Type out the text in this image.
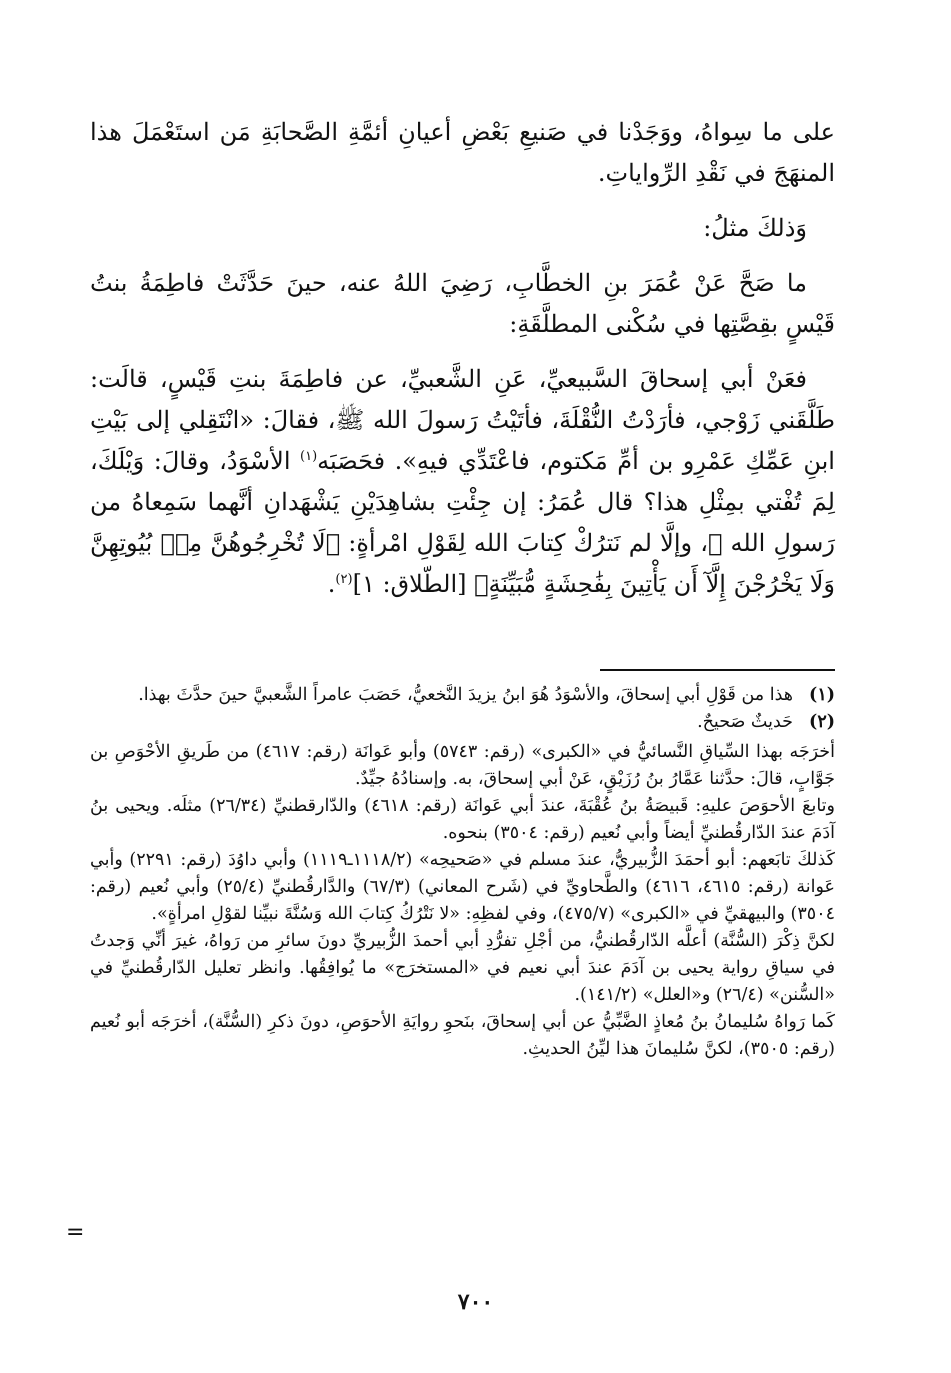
على ما سِواهُ، ووَجَدْنا في صَنيعِ بَعْضِ أعيانِ أئمَّةِ الصَّحابَةِ مَن استَعْمَلَ هذا المنهَجَ في نَقْدِ الرِّواياتِ.

وَذلكَ مثلُ:

ما صَحَّ عَنْ عُمَرَ بنِ الخطَّابِ، رَضِيَ اللهُ عنه، حينَ حَدَّثَتْ فاطِمَةُ بنتُ قَيْسٍ بقِصَّتِها في سُكْنى المطلَّقَةِ:

فعَنْ أبي إسحاقَ السَّبيعيِّ، عَنِ الشَّعبيِّ، عن فاطِمَةَ بنتِ قَيْسٍ، قالَت: طَلَّقَني زَوْجي، فأرَدْتُ النُّقْلَةَ، فأتَيْتُ رَسولَ الله ﷺ، فقالَ: «انْتَقِلي إلى بَيْتِ ابنِ عَمِّكِ عَمْرِو بن أمِّ مَكتوم، فاعْتَدِّي فيهِ». فحَصَبَه$^{(١)}$ الأسْوَدُ، وقالَ: وَيْلَكَ، لِمَ تُفْتي بمِثْلِ هذا؟ قال عُمَرُ: إن جِئْتِ بشاهِدَيْنِ يَشْهَدانِ أنَّهما سَمِعاهُ من رَسولِ الله ﷺ، وإلَّا لم نَترُكْ كِتابَ الله لِقَوْلِ امْرأةٍ: ﴿لَا تُخْرِجُوهُنَّ مِنۢ بُيُوتِهِنَّ وَلَا يَخْرُجْنَ إِلَّآ أَن يَأْتِينَ بِفَٰحِشَةٍ مُّبَيِّنَةٍ﴾ [الطّلاق: ١]$^{(٢)}$.

(١)
هذا من قَوْلِ أبي إسحاقَ، والأسْوَدُ هُوَ ابنُ يزيدَ النَّخعيُّ، حَصَبَ عامراً الشَّعبيَّ حينَ حدَّثَ بهذا.
(٢)
حَديثٌ صَحيحٌ.

أخرَجَه بهذا السِّياقِ النَّسائيُّ في «الكبرى» (رقم: ٥٧٤٣) وأبو عَوانَة (رقم: ٤٦١٧) من طَريقِ الأحْوَصِ بن جَوَّابٍ، قالَ: حدَّثنا عَمَّارُ بنُ رُزَيْقٍ، عَنْ أبي إسحاقَ، به. وإسنادُهُ جيِّدٌ.

وتابعَ الأحوَصَ عليهِ: قَبيصَةُ بنُ عُقْبَةَ، عندَ أبي عَوانَة (رقم: ٤٦١٨) والدّارقطنيِّ (٢٦/٣٤) مثلَه. ويحيى بنُ آدَمَ عندَ الدّارقُطنيِّ أيضاً وأبي نُعيم (رقم: ٣٥٠٤) بنحوه.

كَذلكَ تابَعهم: أبو أحمَدَ الزُّبيريُّ، عندَ مسلم في «صَحيحِه» (١١١٨/٢ـ١١١٩) وأبي داوُدَ (رقم: ٢٢٩١) وأبي عَوانة (رقم: ٤٦١٥، ٤٦١٦) والطَّحاويِّ في (شَرح المعاني) (٦٧/٣) والدَّارقُطنيِّ (٢٥/٤) وأبي نُعيم (رقم: ٣٥٠٤) والبيهقيِّ في «الكبرى» (٤٧٥/٧)، وفي لفظِهِ: «لا نَتْرُكُ كِتابَ الله وَسُنَّةَ نبيِّنا لقوْلِ امرأةٍ».

لكنَّ ذِكْرَ (السُّنَّة) أعلَّه الدّارقُطنيُّ، من أجْلِ تفرُّدِ أبي أحمدَ الزُّبيريِّ دونَ سائرِ من رَواهُ، غيرَ أنِّي وَجدتُ في سياقِ رواية يحيى بن آدَمَ عندَ أبي نعيم في «المستخرَج» ما يُوافِقُها. وانظر تعليل الدّارقُطنيِّ في «السُّنن» (٢٦/٤) و«العلل» (١٤١/٢).

كَما رَواهُ سُليمانُ بنُ مُعاذٍ الضَّبِّيُّ عن أبي إسحاقَ، بنَحوِ روايَةِ الأحوَصِ، دونَ ذكرِ (السُّنَّة)، أخرَجَه أبو نُعيم (رقم: ٣٥٠٥)، لكنَّ سُليمانَ هذا ليِّنُ الحديثِ.

=
٧٠٠
